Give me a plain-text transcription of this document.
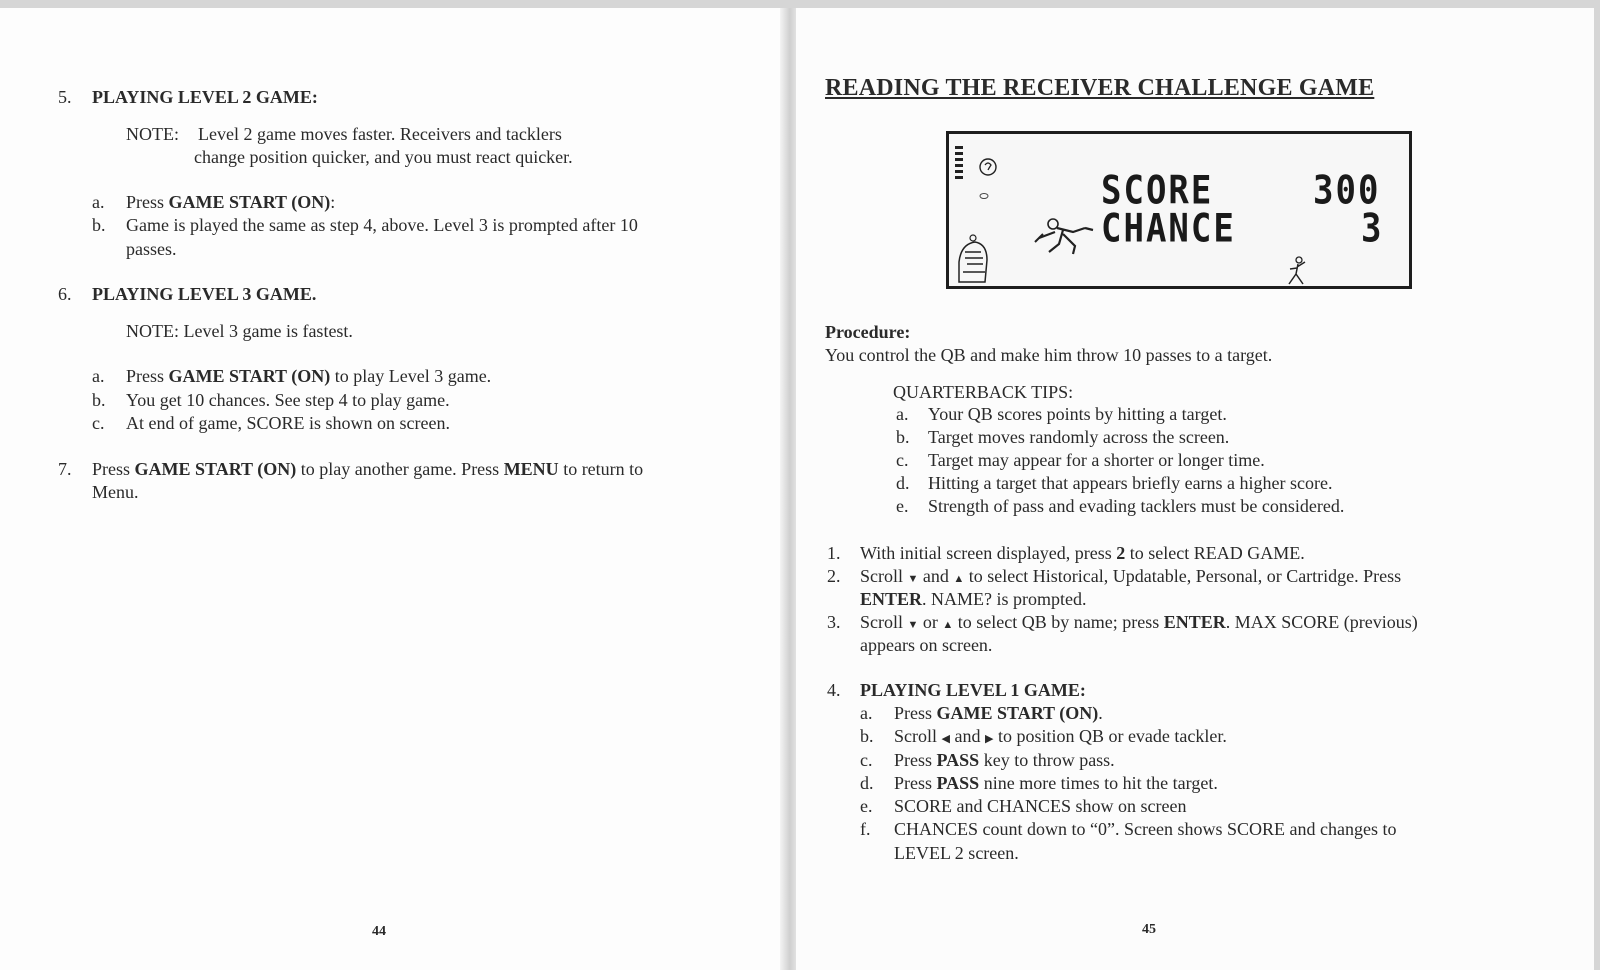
5. PLAYING LEVEL 2 GAME:
NOTE: Level 2 game moves faster. Receivers and tacklers
change position quicker, and you must react quicker.
a. Press GAME START (ON):
b. Game is played the same as step 4, above. Level 3 is prompted after 10
passes.
6. PLAYING LEVEL 3 GAME.
NOTE: Level 3 game is fastest.
a. Press GAME START (ON) to play Level 3 game.
b. You get 10 chances. See step 4 to play game.
c. At end of game, SCORE is shown on screen.
7. Press GAME START (ON) to play another game. Press MENU to return to
Menu.
44
READING THE RECEIVER CHALLENGE GAME
SCORE	300
CHANCE	3
Procedure:
You control the QB and make him throw 10 passes to a target.
QUARTERBACK TIPS:
a. Your QB scores points by hitting a target.
b. Target moves randomly across the screen.
c. Target may appear for a shorter or longer time.
d. Hitting a target that appears briefly earns a higher score.
e. Strength of pass and evading tacklers must be considered.
1. With initial screen displayed, press 2 to select READ GAME.
2. Scroll ▼ and ▲ to select Historical, Updatable, Personal, or Cartridge. Press
ENTER. NAME? is prompted.
3. Scroll ▼ or ▲ to select QB by name; press ENTER. MAX SCORE (previous)
appears on screen.
4. PLAYING LEVEL 1 GAME:
a. Press GAME START (ON).
b. Scroll ◀ and ▶ to position QB or evade tackler.
c. Press PASS key to throw pass.
d. Press PASS nine more times to hit the target.
e. SCORE and CHANCES show on screen
f. CHANCES count down to “0”. Screen shows SCORE and changes to
LEVEL 2 screen.
45
